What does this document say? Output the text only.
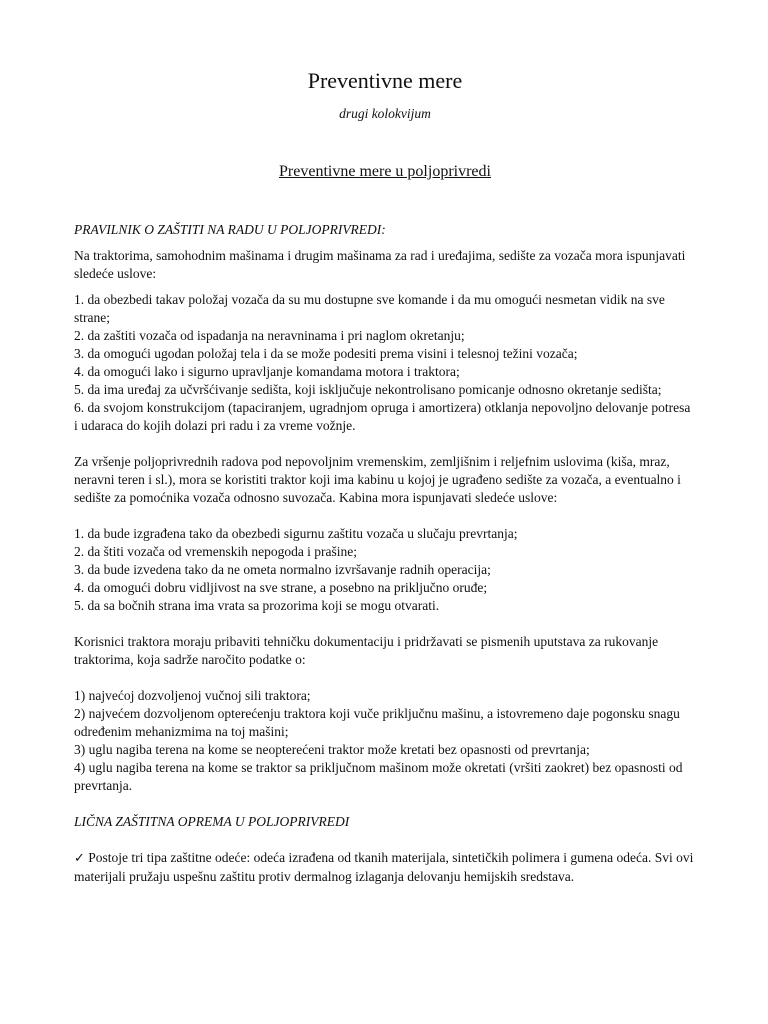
Preventivne mere

drugi kolokvijum

Preventivne mere u poljoprivredi

PRAVILNIK O ZAŠTITI NA RADU U POLJOPRIVREDI:

Na traktorima, samohodnim mašinama i drugim mašinama za rad i uređajima, sedište za vozača mora ispunjavati sledeće uslove:

1. da obezbedi takav položaj vozača da su mu dostupne sve komande i da mu omogući nesmetan vidik na sve strane;

2. da zaštiti vozača od ispadanja na neravninama i pri naglom okretanju;

3. da omogući ugodan položaj tela i da se može podesiti prema visini i telesnoj težini vozača;

4. da omogući lako i sigurno upravljanje komandama motora i traktora;

5. da ima uređaj za učvršćivanje sedišta, koji isključuje nekontrolisano pomicanje odnosno okretanje sedišta;

6. da svojom konstrukcijom (tapaciranjem, ugradnjom opruga i amortizera) otklanja nepovoljno delovanje potresa i udaraca do kojih dolazi pri radu i za vreme vožnje.

Za vršenje poljoprivrednih radova pod nepovoljnim vremenskim, zemljišnim i reljefnim uslovima (kiša, mraz, neravni teren i sl.), mora se koristiti traktor koji ima kabinu u kojoj je ugrađeno sedište za vozača, a eventualno i sedište za pomoćnika vozača odnosno suvozača. Kabina mora ispunjavati sledeće uslove:

1. da bude izgrađena tako da obezbedi sigurnu zaštitu vozača u slučaju prevrtanja;

2. da štiti vozača od vremenskih nepogoda i prašine;

3. da bude izvedena tako da ne ometa normalno izvršavanje radnih operacija;

4. da omogući dobru vidljivost na sve strane, a posebno na priključno oruđe;

5. da sa bočnih strana ima vrata sa prozorima koji se mogu otvarati.

Korisnici traktora moraju pribaviti tehničku dokumentaciju i pridržavati se pismenih uputstava za rukovanje traktorima, koja sadrže naročito podatke o:

1) najvećoj dozvoljenoj vučnoj sili traktora;

2) najvećem dozvoljenom opterećenju traktora koji vuče priključnu mašinu, a istovremeno daje pogonsku snagu određenim mehanizmima na toj mašini;

3) uglu nagiba terena na kome se neopterećeni traktor može kretati bez opasnosti od prevrtanja;

4) uglu nagiba terena na kome se traktor sa priključnom mašinom može okretati (vršiti zaokret) bez opasnosti od prevrtanja.

LIČNA ZAŠTITNA OPREMA U POLJOPRIVREDI

✓ Postoje tri tipa zaštitne odeće: odeća izrađena od tkanih materijala, sintetičkih polimera i gumena odeća. Svi ovi materijali pružaju uspešnu zaštitu protiv dermalnog izlaganja delovanju hemijskih sredstava.
